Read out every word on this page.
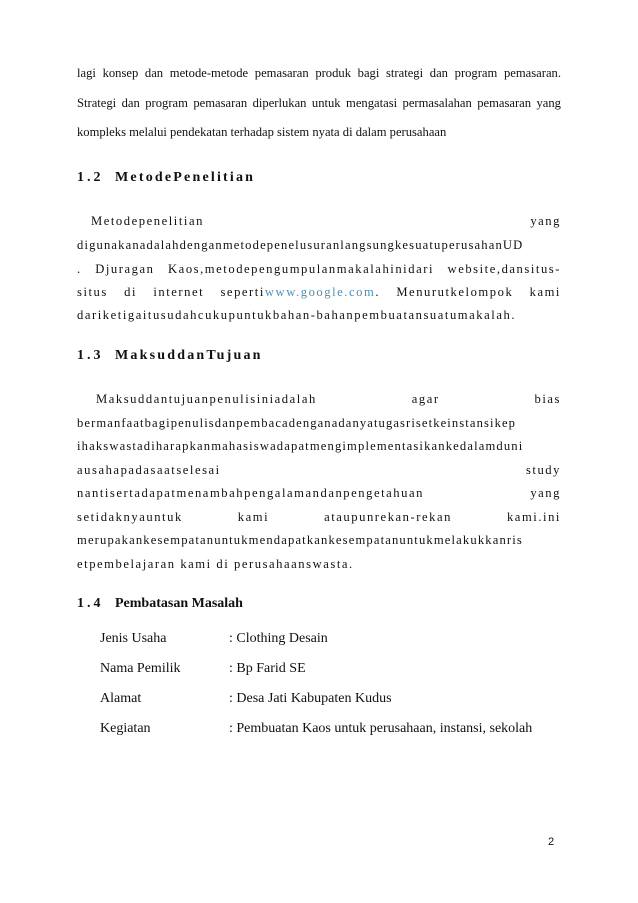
lagi konsep dan metode-metode pemasaran produk bagi strategi dan program pemasaran.
Strategi dan program pemasaran diperlukan untuk mengatasi permasalahan pemasaran yang
kompleks melalui pendekatan terhadap sistem nyata di dalam perusahaan
1.2 MetodePenelitian
Metodepenelitian	yang
digunakanadalahdenganmetodepenelusuranlangsungkesuatuperusahanUD
. Djuragan Kaos,metodepengumpulanmakalahinidari website,dansitus-
situs di internet sepertiwww.google.com. Menurutkelompok kami
dariketigaitusudahcukupuntukbahan-bahanpembuatansuatumakalah.
1.3 MaksuddanTujuan
Maksuddantujuanpenulisiniadalah	agar	bias
bermanfaatbagipenulisdanpembacadenganadanyatugasrisetkeinstansikep
ihakswastadiharapkanmahasiswadapatmengimplementasikankedalamduni
ausahapadasaatselesai	study
nantisertadapatmenambahpengalamandanpengetahuan	yang
setidaknyauntuk	kami	ataupunrekan-rekan	kami.ini
merupakankesempatanuntukmendapatkankesempatanuntukmelakukkanris
etpembelajaran kami di perusahaanswasta.
1.4 Pembatasan Masalah
Jenis Usaha	: Clothing Desain
Nama Pemilik	: Bp Farid SE
Alamat	: Desa Jati Kabupaten Kudus
Kegiatan	: Pembuatan Kaos untuk perusahaan, instansi, sekolah
2
